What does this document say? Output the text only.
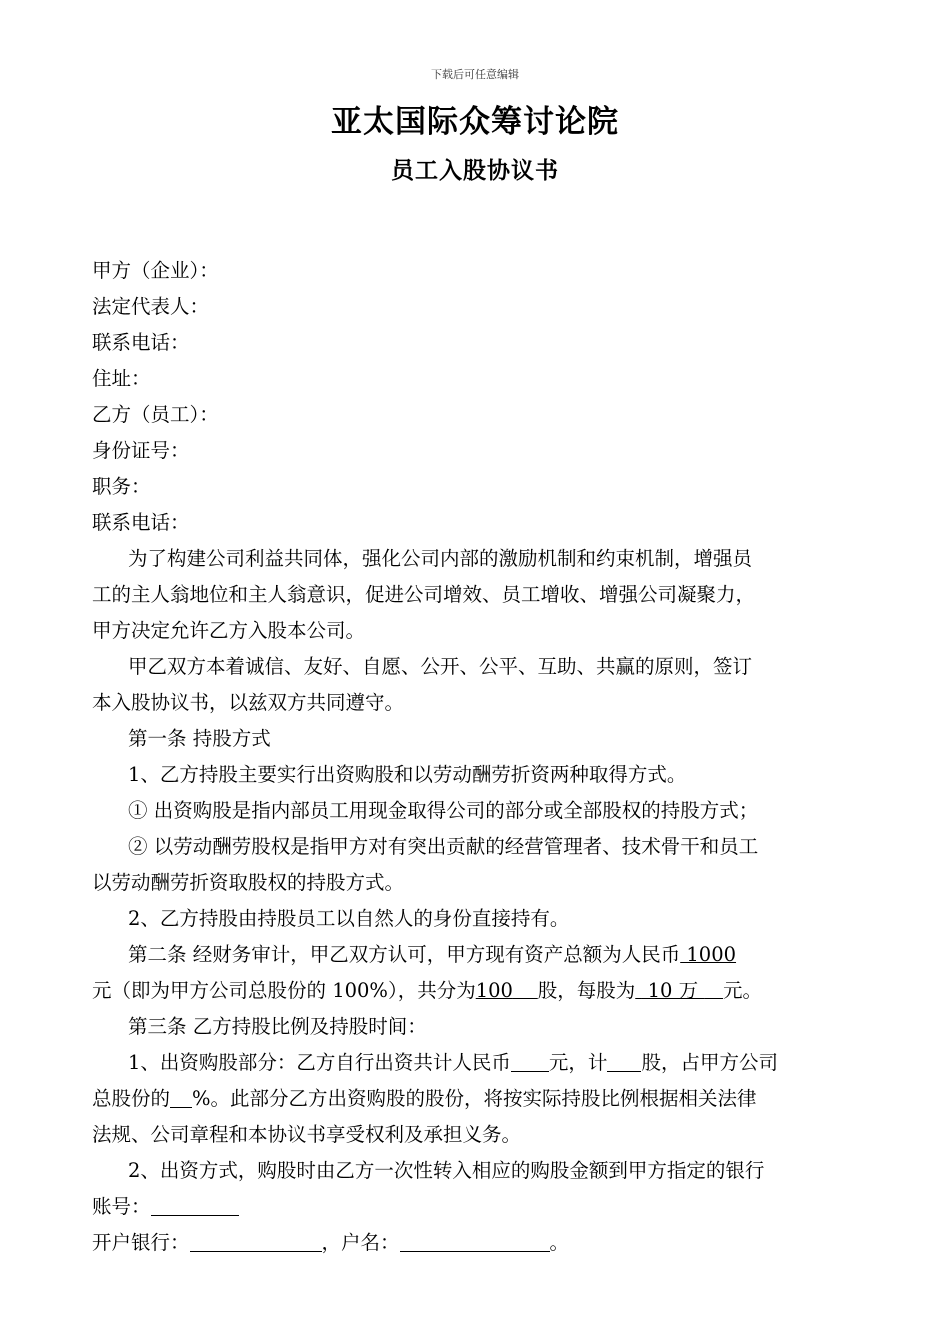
下载后可任意编辑
亚太国际众筹讨论院
员工入股协议书
甲方（企业）：
法定代表人：
联系电话：
住址：
乙方（员工）：
身份证号：
职务：
联系电话：
为了构建公司利益共同体，强化公司内部的激励机制和约束机制，增强员
工的主人翁地位和主人翁意识，促进公司增效、员工增收、增强公司凝聚力，
甲方决定允许乙方入股本公司。
甲乙双方本着诚信、友好、自愿、公开、公平、互助、共赢的原则，签订
本入股协议书，以兹双方共同遵守。
第一条 持股方式
1、乙方持股主要实行出资购股和以劳动酬劳折资两种取得方式。
① 出资购股是指内部员工用现金取得公司的部分或全部股权的持股方式；
② 以劳动酬劳股权是指甲方对有突出贡献的经营管理者、技术骨干和员工
以劳动酬劳折资取股权的持股方式。
2、乙方持股由持股员工以自然人的身份直接持有。
第二条 经财务审计，甲乙双方认可，甲方现有资产总额为人民币 1000
元（即为甲方公司总股份的 100%），共分为100 股，每股为  10 万    元。
第三条 乙方持股比例及持股时间：
1、出资购股部分：乙方自行出资共计人民币 元，计 股，占甲方公司
总股份的 %。此部分乙方出资购股的股份，将按实际持股比例根据相关法律
法规、公司章程和本协议书享受权利及承担义务。
2、出资方式，购股时由乙方一次性转入相应的购股金额到甲方指定的银行
账号：
开户银行：	，户名：	。
